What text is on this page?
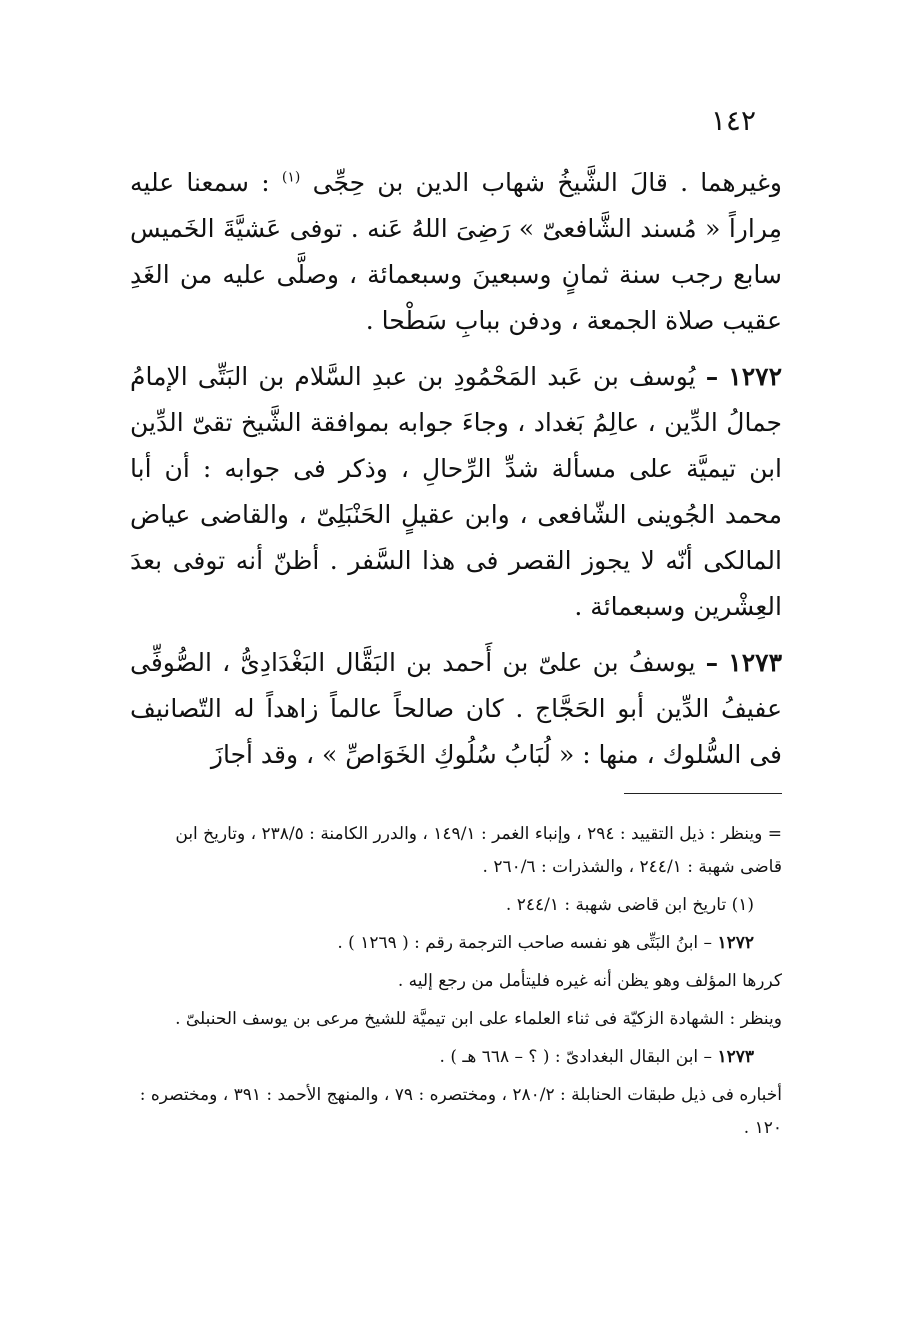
١٤٢

وغيرهما . قالَ الشَّيخُ شهاب الدين بن حِجِّى $^{(١)}$ : سمعنا عليه مِراراً « مُسند الشَّافعىّ » رَضِىَ اللهُ عَنه . توفى عَشيَّةَ الخَميس سابع رجب سنة ثمانٍ وسبعينَ وسبعمائة ، وصلَّى عليه من الغَدِ عقيب صلاة الجمعة ، ودفن ببابِ سَطْحا .

١٢٧٢ – يُوسف بن عَبد المَحْمُودِ بن عبدِ السَّلام بن البَتِّى الإمامُ جمالُ الدِّين ، عالِمُ بَغداد ، وجاءَ جوابه بموافقة الشَّيخ تقىّ الدِّين ابن تيميَّة على مسألة شدِّ الرِّحالِ ، وذكر فى جوابه : أن أبا محمد الجُوينى الشّافعى ، وابن عقيلٍ الحَنْبَلِىّ ، والقاضى عياض المالكى أنّه لا يجوز القصر فى هذا السَّفر . أظنّ أنه توفى بعدَ العِشْرين وسبعمائة .

١٢٧٣ – يوسفُ بن علىّ بن أَحمد بن البَقَّال البَغْدَادِىُّ ، الصُّوفِّى عفيفُ الدِّين أبو الحَجَّاج . كان صالحاً عالماً زاهداً له التّصانيف فى السُّلوك ، منها : « لُبَابُ سُلُوكِ الخَوَاصِّ » ، وقد أجازَ

= وينظر : ذيل التقييد : ٢٩٤ ، وإنباء الغمر : ١٤٩/١ ، والدرر الكامنة : ٢٣٨/٥ ، وتاريخ ابن قاضى شهبة : ٢٤٤/١ ، والشذرات : ٢٦٠/٦ .

(١) تاريخ ابن قاضى شهبة : ٢٤٤/١ .

١٢٧٢ – ابنُ البَتِّى هو نفسه صاحب الترجمة رقم : ( ١٢٦٩ ) .

كررها المؤلف وهو يظن أنه غيره فليتأمل من رجع إليه .

وينظر : الشهادة الزكيّة فى ثناء العلماء على ابن تيميَّة للشيخ مرعى بن يوسف الحنبلىّ .

١٢٧٣ – ابن البقال البغدادىّ : ( ؟ – ٦٦٨ هـ ) .

أخباره فى ذيل طبقات الحنابلة : ٢٨٠/٢ ، ومختصره : ٧٩ ، والمنهج الأحمد : ٣٩١ ، ومختصره : ١٢٠ .
